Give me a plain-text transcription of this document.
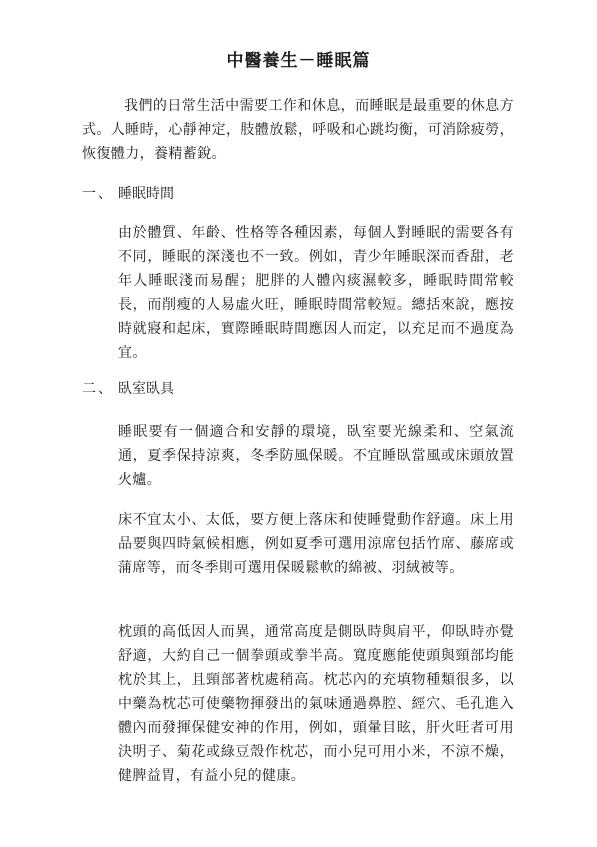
中醫養生－睡眠篇

我們的日常生活中需要工作和休息，而睡眠是最重要的休息方式。人睡時，心靜神定，肢體放鬆，呼吸和心跳均衡，可消除疲勞，恢復體力，養精蓄銳。

一、 睡眠時間

由於體質、年齡、性格等各種因素，每個人對睡眠的需要各有不同，睡眠的深淺也不一致。例如，青少年睡眠深而香甜，老年人睡眠淺而易醒；肥胖的人體內痰濕較多，睡眠時間常較長，而削瘦的人易虛火旺，睡眠時間常較短。總括來說，應按時就寢和起床，實際睡眠時間應因人而定，以充足而不過度為宜。

二、 臥室臥具

睡眠要有一個適合和安靜的環境，臥室要光線柔和、空氣流通，夏季保持涼爽，冬季防風保暖。不宜睡臥當風或床頭放置火爐。

床不宜太小、太低，要方便上落床和使睡覺動作舒適。床上用品要與四時氣候相應，例如夏季可選用涼席包括竹席、藤席或蒲席等，而冬季則可選用保暖鬆軟的綿被、羽絨被等。

枕頭的高低因人而異，通常高度是側臥時與肩平，仰臥時亦覺舒適，大約自己一個拳頭或拳半高。寬度應能使頭與頸部均能枕於其上，且頸部著枕處稍高。枕芯內的充填物種類很多，以中藥為枕芯可使藥物揮發出的氣味通過鼻腔、經穴、毛孔進入體內而發揮保健安神的作用，例如，頭暈目眩，肝火旺者可用決明子、菊花或綠豆殼作枕芯，而小兒可用小米，不涼不燥，健脾益胃，有益小兒的健康。
